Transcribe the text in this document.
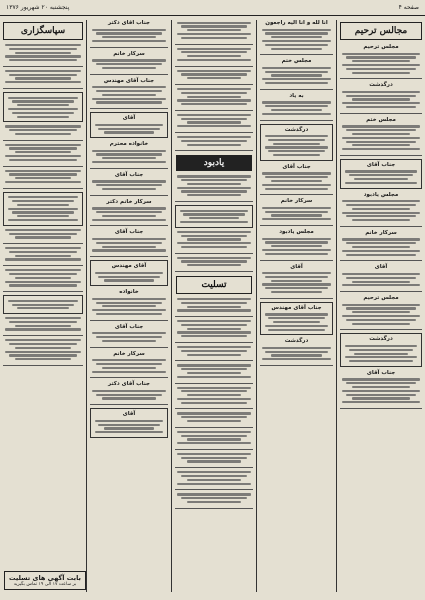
صفحه ۴
پنجشنبه ۲۰ شهریور ۱۳۷۶
سپاسگزاری
جناب آقای دکتر
سرکار خانم
جناب آقای مهندس
آقای
خانواده محترم
جناب آقای
سرکار خانم دکتر
جناب آقای
آقای مهندس
خانواده
جناب آقای
سرکار خانم
جناب آقای دکتر
آقای
یادبود
تسلیت
انا لله و انا الیه راجعون
مجلس ختم
به یاد
درگذشت
جناب آقای
سرکار خانم
مجلس یادبود
آقای
جناب آقای مهندس
درگذشت
مجالس ترحیم
مجلس ترحیم
درگذشت
مجلس ختم
جناب آقای
مجلس یادبود
سرکار خانم
آقای
مجلس ترحیم
درگذشت
جناب آقای
بابت آگهی های تسلیت
بر ساعت ۱۷ الی ۱۹ تماس بگیرید
